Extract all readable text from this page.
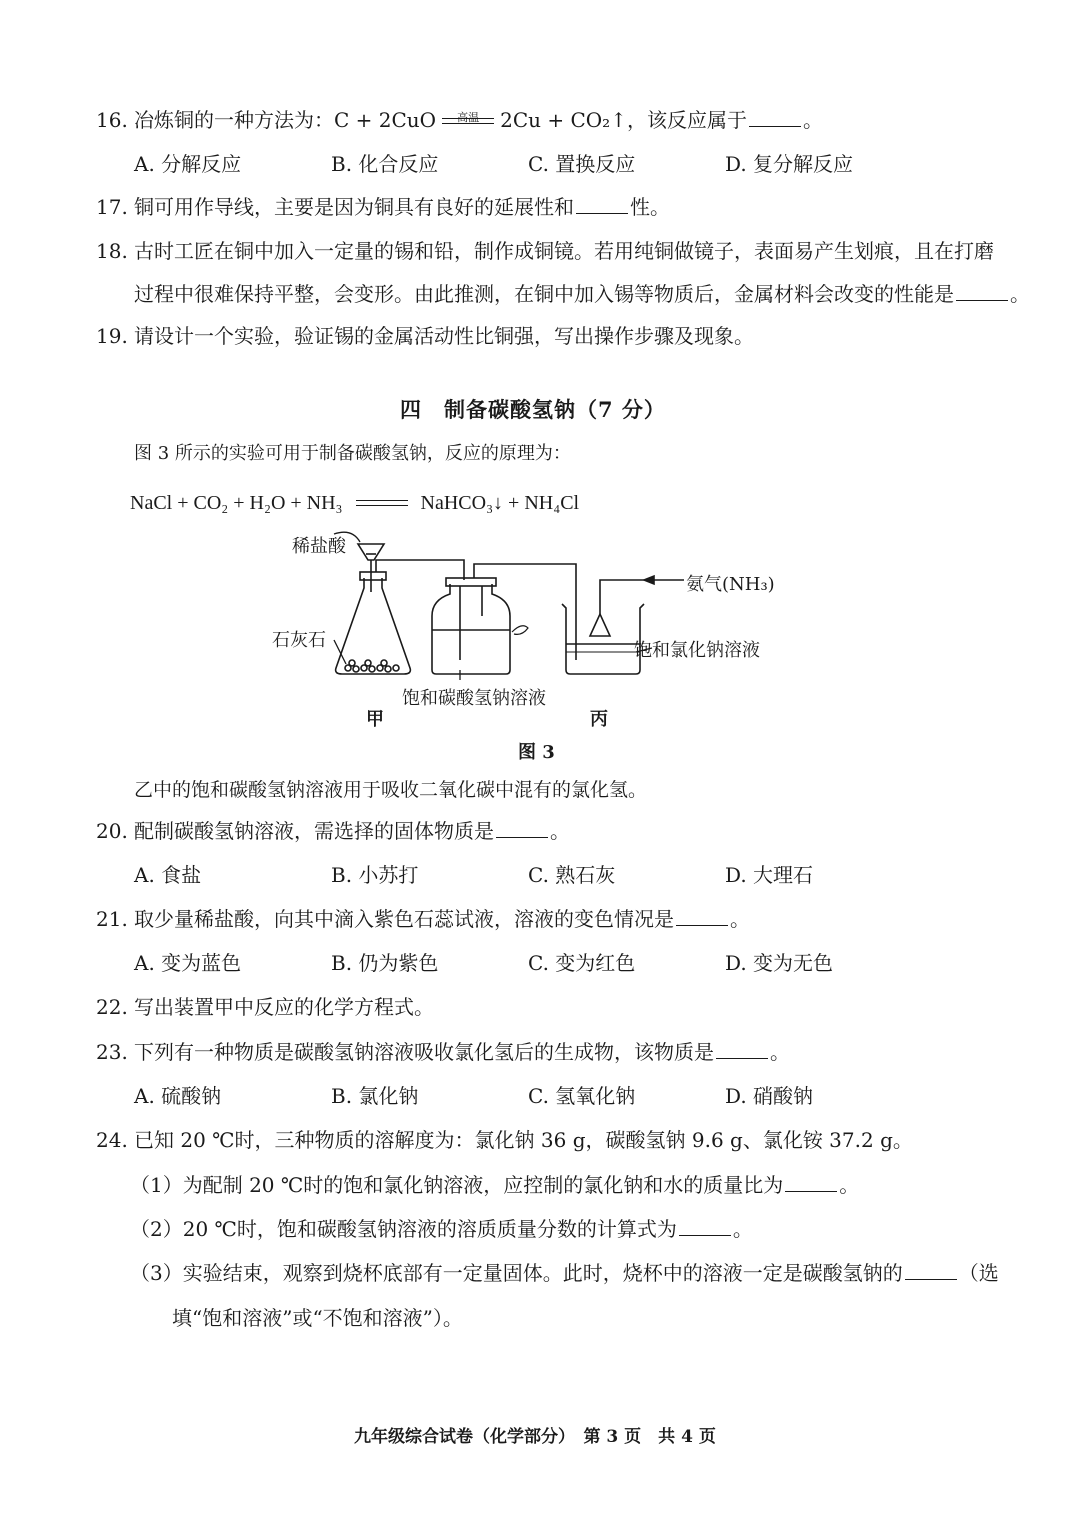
16. 冶炼铜的一种方法为：C + 2CuO	高温	2Cu + CO₂↑，该反应属于	。
A. 分解反应	B. 化合反应	C. 置换反应	D. 复分解反应
17. 铜可用作导线，主要是因为铜具有良好的延展性和	性。
18. 古时工匠在铜中加入一定量的锡和铅，制作成铜镜。若用纯铜做镜子，表面易产生划痕，且在打磨
过程中很难保持平整，会变形。由此推测，在铜中加入锡等物质后，金属材料会改变的性能是	。
19. 请设计一个实验，验证锡的金属活动性比铜强，写出操作步骤及现象。
四　制备碳酸氢钠（7 分）
图 3 所示的实验可用于制备碳酸氢钠，反应的原理为：
NaCl + CO₂ + H₂O + NH₃	NaHCO₃↓ + NH₄Cl
稀盐酸
石灰石
氨气(NH₃)
饱和氯化钠溶液
饱和碳酸氢钠溶液
甲	丙
图 3
乙中的饱和碳酸氢钠溶液用于吸收二氧化碳中混有的氯化氢。
20. 配制碳酸氢钠溶液，需选择的固体物质是	。
A. 食盐	B. 小苏打	C. 熟石灰	D. 大理石
21. 取少量稀盐酸，向其中滴入紫色石蕊试液，溶液的变色情况是	。
A. 变为蓝色	B. 仍为紫色	C. 变为红色	D. 变为无色
22. 写出装置甲中反应的化学方程式。
23. 下列有一种物质是碳酸氢钠溶液吸收氯化氢后的生成物，该物质是	。
A. 硫酸钠	B. 氯化钠	C. 氢氧化钠	D. 硝酸钠
24. 已知 20 ℃时，三种物质的溶解度为：氯化钠 36 g，碳酸氢钠 9.6 g、氯化铵 37.2 g。
（1）为配制 20 ℃时的饱和氯化钠溶液，应控制的氯化钠和水的质量比为	。
（2）20 ℃时，饱和碳酸氢钠溶液的溶质质量分数的计算式为	。
（3）实验结束，观察到烧杯底部有一定量固体。此时，烧杯中的溶液一定是碳酸氢钠的	（选
填“饱和溶液”或“不饱和溶液”）。
九年级综合试卷（化学部分）　第 3 页　共 4 页
